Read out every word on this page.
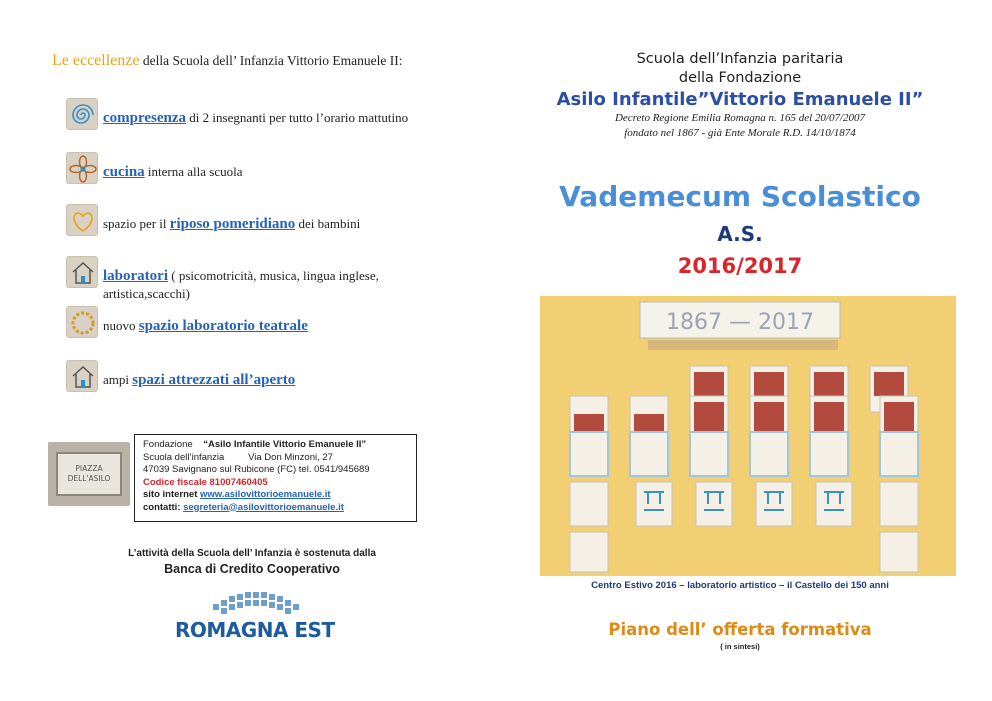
Le eccellenze della Scuola dell’ Infanzia Vittorio Emanuele II:
compresenza di 2 insegnanti per tutto l’orario mattutino
cucina interna alla scuola
spazio per il riposo pomeridiano dei bambini
laboratori ( psicomotricità, musica, lingua inglese,
artistica,scacchi)
nuovo spazio laboratorio teatrale
ampi spazi attrezzati all’aperto
PIAZZA
DELL'ASILO
Fondazione “Asilo Infantile Vittorio Emanuele II”
Scuola dell’infanzia	Via Don Minzoni, 27
47039 Savignano sul Rubicone (FC) tel. 0541/945689
Codice fiscale 81007460405
sito internet www.asilovittorioemanuele.it
contatti: segreteria@asilovittorioemanuele.it
L’attività della Scuola dell’ Infanzia è sostenuta dalla
Banca di Credito Cooperativo
ROMAGNA EST
Scuola dell’Infanzia paritaria
della Fondazione
Asilo Infantile”Vittorio Emanuele II”
Decreto Regione Emilia Romagna n. 165 del 20/07/2007
fondato nel 1867 - già Ente Morale R.D. 14/10/1874
Vademecum Scolastico
A.S.
2016/2017
1867 — 2017
Centro Estivo 2016 – laboratorio artistico – il Castello dei 150 anni
Piano dell’ offerta formativa
( in sintesi)
